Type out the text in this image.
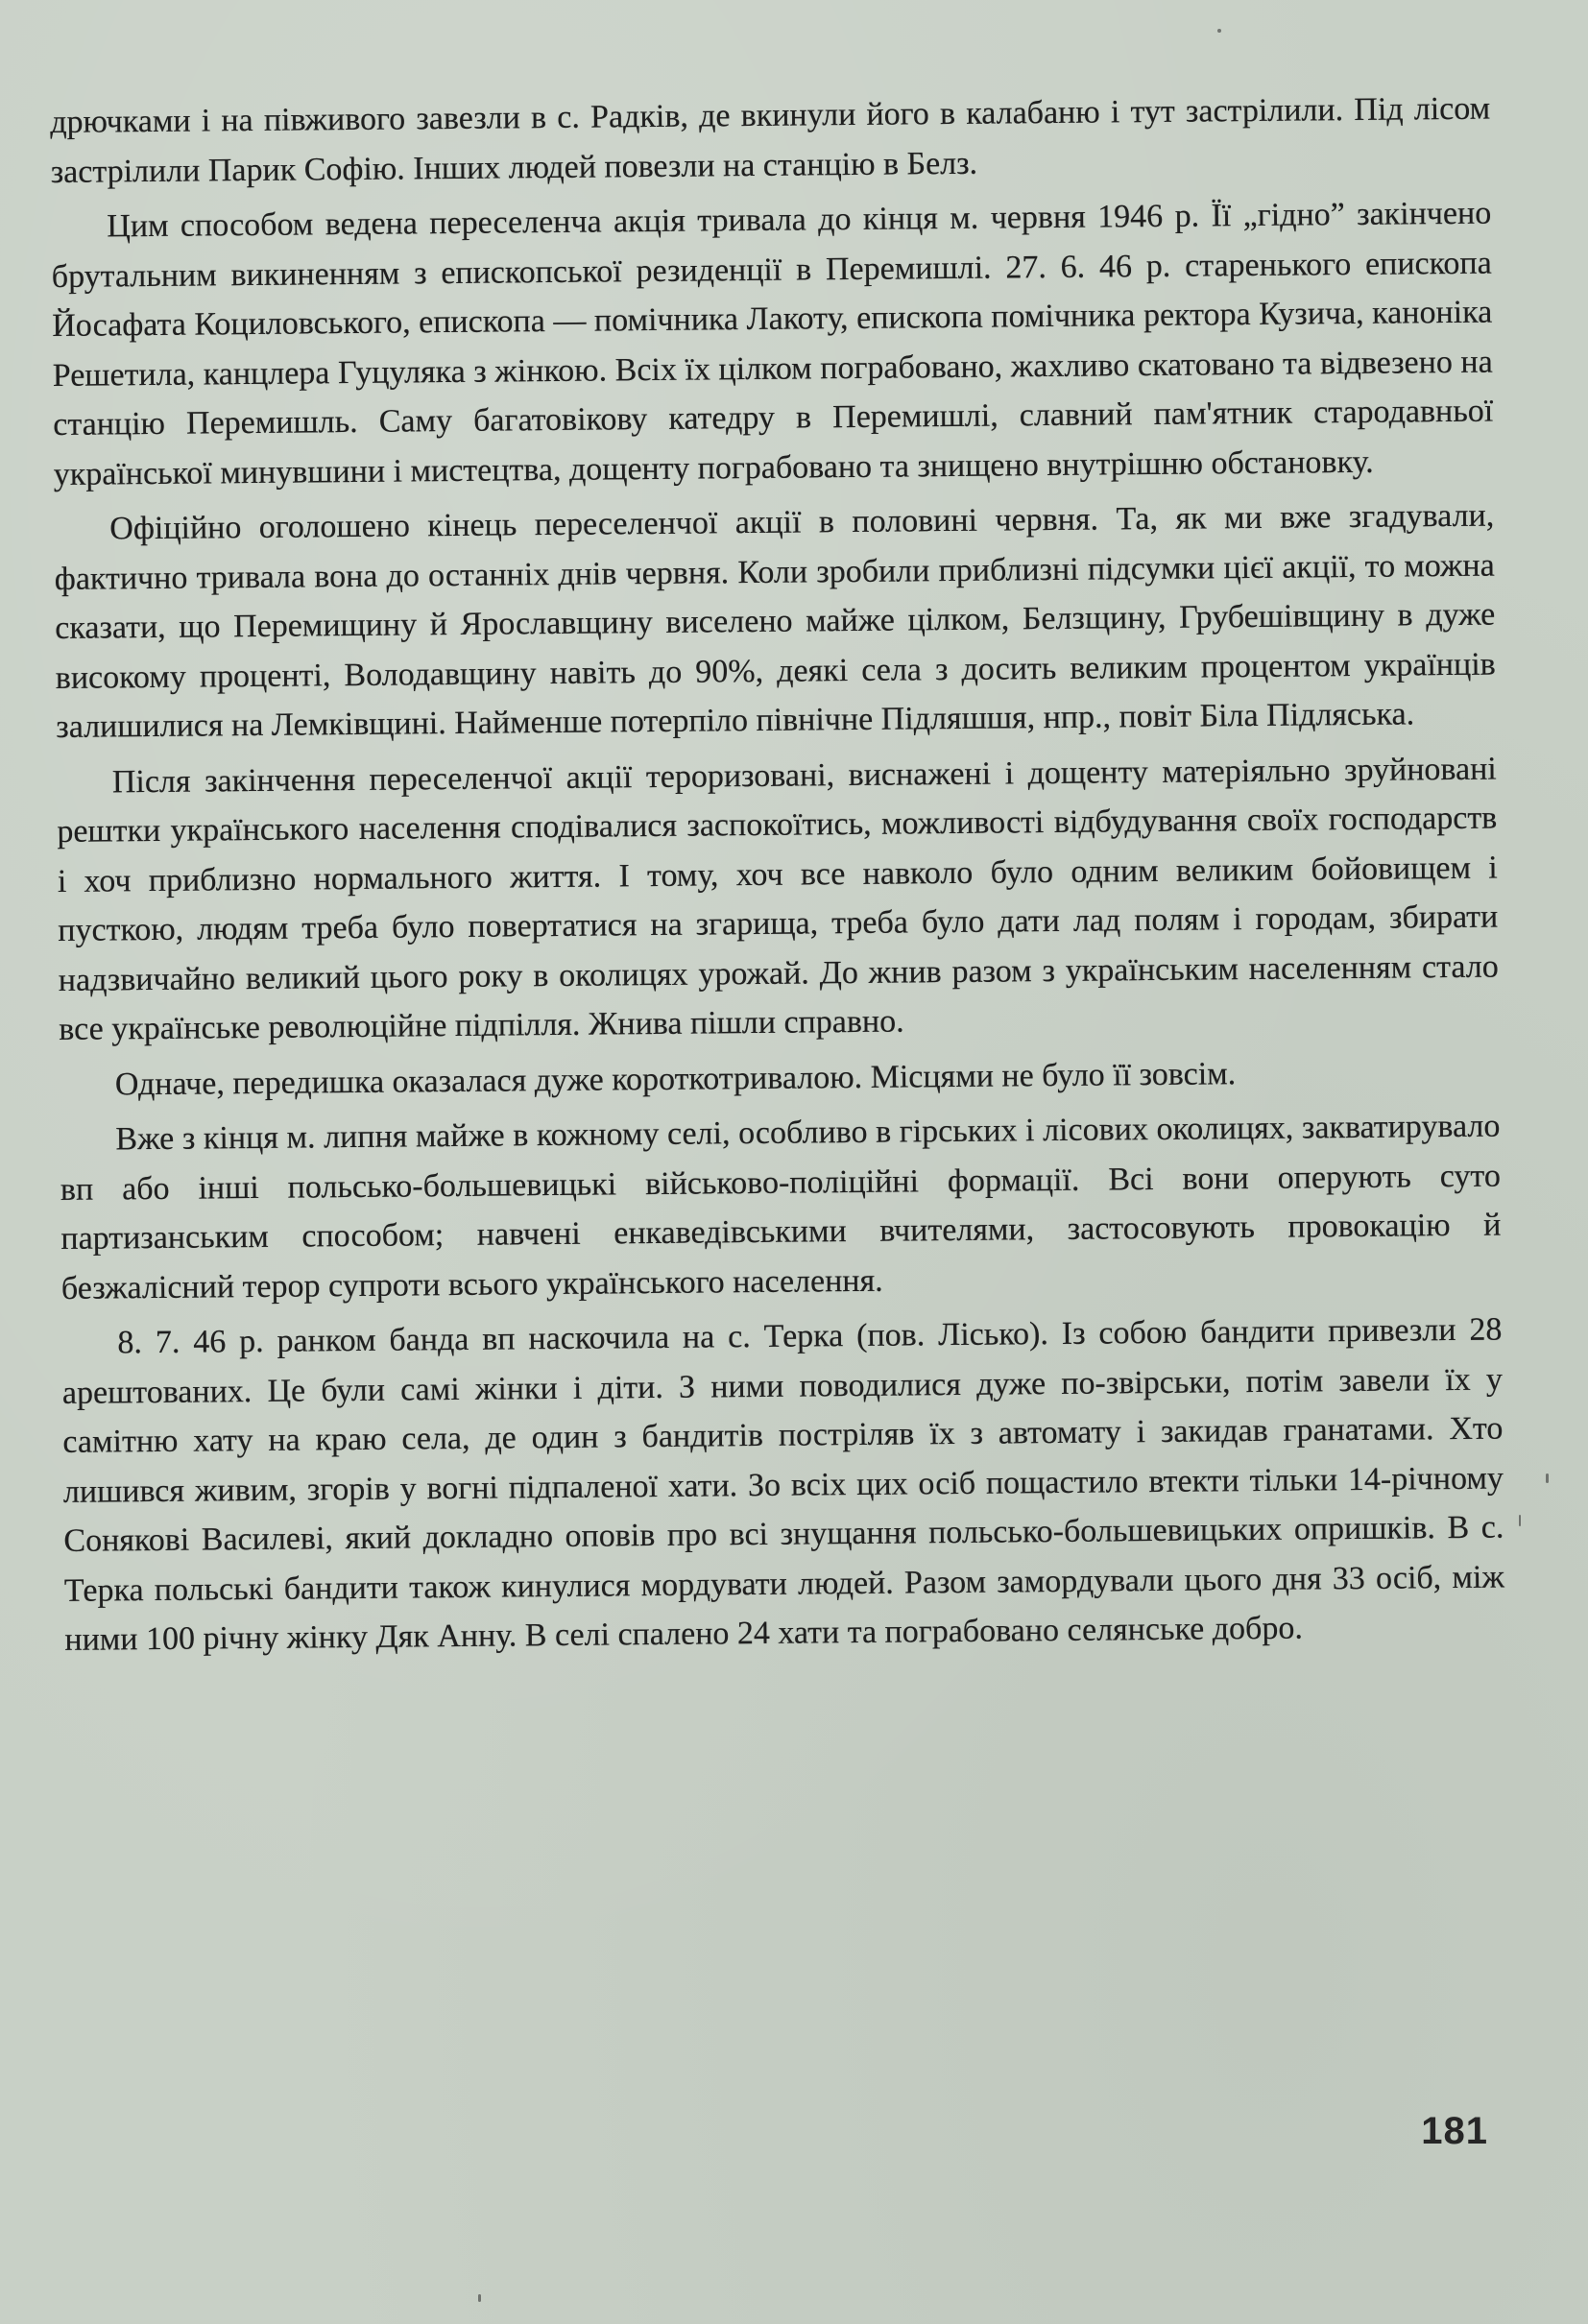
дрючками і на півживого завезли в с. Радків, де вкинули його в калабаню і тут застрілили. Під лісом застрілили Парик Софію. Інших людей повезли на станцію в Белз.

Цим способом ведена переселенча акція тривала до кінця м. червня 1946 р. Її „гідно” закінчено брутальним викиненням з епископської резиденції в Перемишлі. 27. 6. 46 р. старенького епископа Йосафата Коциловського, епископа — помічника Лакоту, епископа помічника ректора Кузича, каноніка Решетила, канцлера Гуцуляка з жінкою. Всіх їх цілком пограбовано, жахливо скатовано та відвезено на станцію Перемишль. Саму багатовікову катедру в Перемишлі, славний пам'ятник стародавньої української минувшини і мистецтва, дощенту пограбовано та знищено внутрішню обстановку.

Офіційно оголошено кінець переселенчої акції в половині червня. Та, як ми вже згадували, фактично тривала вона до останніх днів червня. Коли зробили приблизні підсумки цієї акції, то можна сказати, що Перемищину й Ярославщину виселено майже цілком, Белзщину, Грубешівщину в дуже високому проценті, Володавщину навіть до 90%, деякі села з досить великим процентом українців залишилися на Лемківщині. Найменше потерпіло північне Підляшшя, нпр., повіт Біла Підляська.

Після закінчення переселенчої акції тероризовані, виснажені і дощенту матеріяльно зруйновані рештки українського населення сподівалися заспокоїтись, можливості відбудування своїх господарств і хоч приблизно нормального життя. І тому, хоч все навколо було одним великим бойовищем і пусткою, людям треба було повертатися на згарища, треба було дати лад полям і городам, збирати надзвичайно великий цього року в околицях урожай. До жнив разом з українським населенням стало все українське революційне підпілля. Жнива пішли справно.

Одначе, передишка оказалася дуже короткотривалою. Місцями не було її зовсім.

Вже з кінця м. липня майже в кожному селі, особливо в гірських і лісових околицях, закватирувало вп або інші польсько-большевицькі військово-поліційні формації. Всі вони оперують суто партизанським способом; навчені енкаведівськими вчителями, застосовують провокацію й безжалісний терор супроти всього українського населення.

8. 7. 46 р. ранком банда вп наскочила на с. Терка (пов. Лісько). Із собою бандити привезли 28 арештованих. Це були самі жінки і діти. З ними поводилися дуже по-звірськи, потім завели їх у самітню хату на краю села, де один з бандитів постріляв їх з автомату і закидав гранатами. Хто лишився живим, згорів у вогні підпаленої хати. Зо всіх цих осіб пощастило втекти тільки 14-річному Сонякові Василеві, який докладно оповів про всі знущання польсько-большевицьких опришків. В с. Терка польські бандити також кинулися мордувати людей. Разом замордували цього дня 33 осіб, між ними 100 річну жінку Дяк Анну. В селі спалено 24 хати та пограбовано селянське добро.

181
